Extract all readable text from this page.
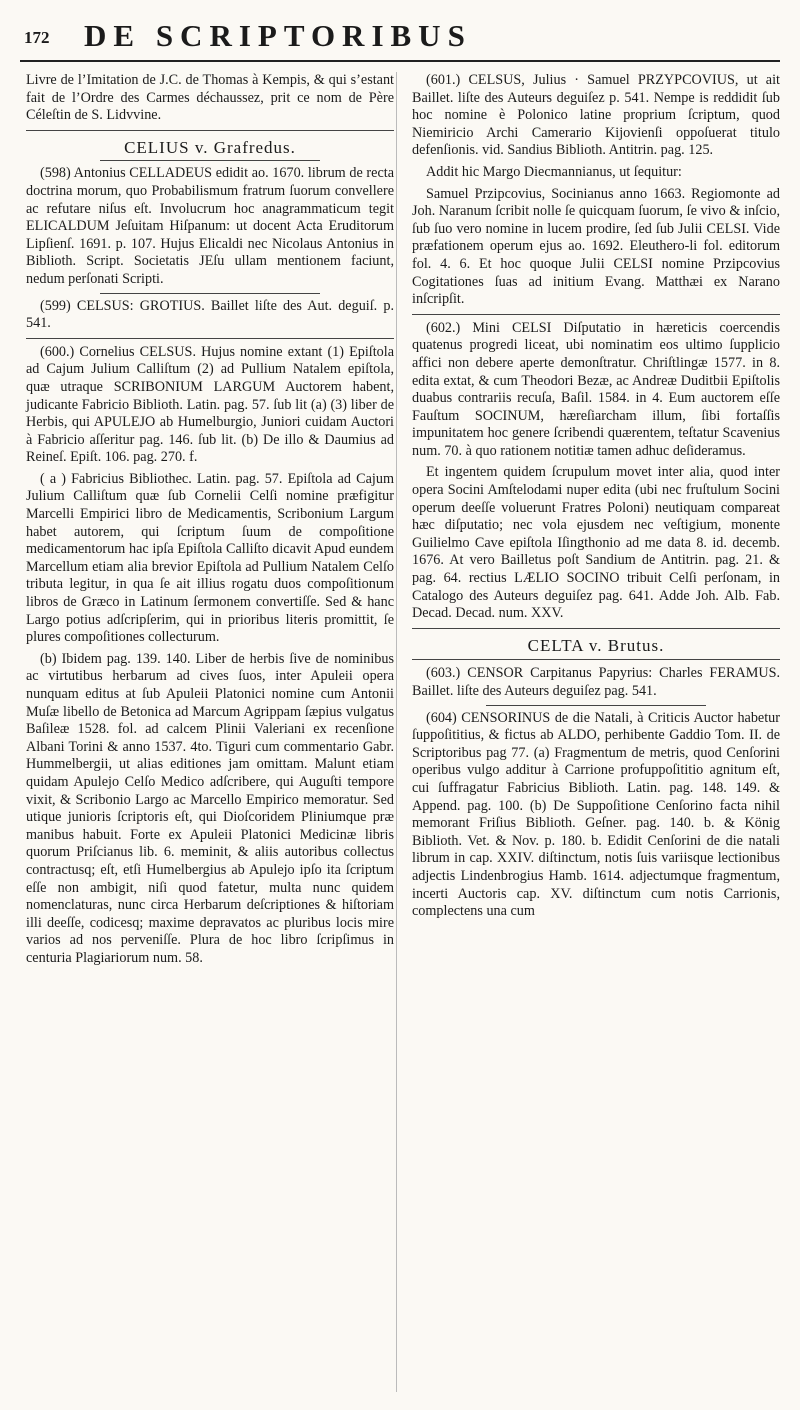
172 DE SCRIPTORIBUS

Livre de l’Imitation de J.C. de Thomas à Kempis, & qui s’estant fait de l’Ordre des Carmes déchaussez, prit ce nom de Père Céleſtin de S. Lidvvine.

CELIUS v. Grafredus.

(598) Antonius CELLADEUS edidit ao. 1670. librum de recta doctrina morum, quo Probabilismum fratrum ſuorum convellere ac refutare niſus eſt. Involucrum hoc anagrammaticum tegit ELICALDUM Jeſuitam Hiſpanum: ut docent Acta Eruditorum Lipſienſ. 1691. p. 107. Hujus Elicaldi nec Nicolaus Antonius in Biblioth. Script. Societatis JEſu ullam mentionem faciunt, nedum perſonati Scripti.

(599) CELSUS: GROTIUS. Baillet liſte des Aut. deguiſ. p. 541.

(600.) Cornelius CELSUS. Hujus nomine extant (1) Epiſtola ad Cajum Julium Calliſtum (2) ad Pullium Natalem epiſtola, quæ utraque SCRIBONIUM LARGUM Auctorem habent, judicante Fabricio Biblioth. Latin. pag. 57. ſub lit (a) (3) liber de Herbis, qui APULEJO ab Humelburgio, Juniori cuidam Auctori à Fabricio aſſeritur pag. 146. ſub lit. (b) De illo & Daumius ad Reineſ. Epiſt. 106. pag. 270. f.

( a ) Fabricius Bibliothec. Latin. pag. 57. Epiſtola ad Cajum Julium Calliſtum quæ ſub Cornelii Celſi nomine præfigitur Marcelli Empirici libro de Medicamentis, Scribonium Largum habet autorem, qui ſcriptum ſuum de compoſitione medicamentorum hac ipſa Epiſtola Calliſto dicavit Apud eundem Marcellum etiam alia brevior Epiſtola ad Pullium Natalem Celſo tributa legitur, in qua ſe ait illius rogatu duos compoſitionum libros de Græco in Latinum ſermonem convertiſſe. Sed & hanc Largo potius adſcripſerim, qui in prioribus literis promittit, ſe plures compoſitiones collecturum.

(b) Ibidem pag. 139. 140. Liber de herbis ſive de nominibus ac virtutibus herbarum ad cives ſuos, inter Apuleii opera nunquam editus at ſub Apuleii Platonici nomine cum Antonii Muſæ libello de Betonica ad Marcum Agrippam ſæpius vulgatus Baſileæ 1528. fol. ad calcem Plinii Valeriani ex recenſione Albani Torini & anno 1537. 4to. Tiguri cum commentario Gabr. Hummelbergii, ut alias editiones jam omittam. Malunt etiam quidam Apulejo Celſo Medico adſcribere, qui Auguſti tempore vixit, & Scribonio Largo ac Marcello Empirico memoratur. Sed utique junioris ſcriptoris eſt, qui Dioſcoridem Pliniumque præ manibus habuit. Forte ex Apuleii Platonici Medicinæ libris quorum Priſcianus lib. 6. meminit, & aliis autoribus collectus contractusq; eſt, etſi Humelbergius ab Apulejo ipſo ita ſcriptum eſſe non ambigit, niſi quod fatetur, multa nunc quidem nomenclaturas, nunc circa Herbarum deſcriptiones & hiſtoriam illi deeſſe, codicesq; maxime depravatos ac pluribus locis mire varios ad nos perveniſſe. Plura de hoc libro ſcripſimus in centuria Plagiariorum num. 58.

(601.) CELSUS, Julius · Samuel PRZYPCOVIUS, ut ait Baillet. liſte des Auteurs deguiſez p. 541. Nempe is reddidit ſub hoc nomine è Polonico latine proprium ſcriptum, quod Niemiricio Archi Camerario Kijovienſi oppoſuerat titulo defenſionis. vid. Sandius Biblioth. Antitrin. pag. 125.

Addit hic Margo Diecmannianus, ut ſequitur:

Samuel Przipcovius, Socinianus anno 1663. Regiomonte ad Joh. Naranum ſcribit nolle ſe quicquam ſuorum, ſe vivo & inſcio, ſub ſuo vero nomine in lucem prodire, ſed ſub Julii CELSI. Vide præfationem operum ejus ao. 1692. Eleuthero-li fol. editorum fol. 4. 6. Et hoc quoque Julii CELSI nomine Przipcovius Cogitationes ſuas ad initium Evang. Matthæi ex Narano inſcripſit.

(602.) Mini CELSI Diſputatio in hæreticis coercendis quatenus progredi liceat, ubi nominatim eos ultimo ſupplicio affici non debere aperte demonſtratur. Chriſtlingæ 1577. in 8. edita extat, & cum Theodori Bezæ, ac Andreæ Duditbii Epiſtolis duabus contrariis recuſa, Baſil. 1584. in 4. Eum auctorem eſſe Fauſtum SOCINUM, hæreſiarcham illum, ſibi fortaſſis impunitatem hoc genere ſcribendi quærentem, teſtatur Scavenius num. 70. à quo rationem notitiæ tamen adhuc deſideramus.

Et ingentem quidem ſcrupulum movet inter alia, quod inter opera Socini Amſtelodami nuper edita (ubi nec fruſtulum Socini operum deeſſe voluerunt Fratres Poloni) neutiquam compareat hæc diſputatio; nec vola ejusdem nec veſtigium, monente Guilielmo Cave epiſtola Iſingthonio ad me data 8. id. decemb. 1676. At vero Bailletus poſt Sandium de Antitrin. pag. 21. & pag. 64. rectius LÆLIO SOCINO tribuit Celſi perſonam, in Catalogo des Auteurs deguiſez pag. 641. Adde Joh. Alb. Fab. Decad. Decad. num. XXV.

CELTA v. Brutus.

(603.) CENSOR Carpitanus Papyrius: Charles FERAMUS. Baillet. liſte des Auteurs deguiſez pag. 541.

(604) CENSORINUS de die Natali, à Criticis Auctor habetur ſuppoſititius, & fictus ab ALDO, perhibente Gaddio Tom. II. de Scriptoribus pag 77. (a) Fragmentum de metris, quod Cenſorini operibus vulgo additur à Carrione profuppoſititio agnitum eſt, cui ſuffragatur Fabricius Biblioth. Latin. pag. 148. 149. & Append. pag. 100. (b) De Suppoſitione Cenſorino facta nihil memorant Friſius Biblioth. Geſner. pag. 140. b. & König Biblioth. Vet. & Nov. p. 180. b. Edidit Cenſorini de die natali librum in cap. XXIV. diſtinctum, notis ſuis variisque lectionibus adjectis Lindenbrogius Hamb. 1614. adjectumque fragmentum, incerti Auctoris cap. XV. diſtinctum cum notis Carrionis, complectens una cum
